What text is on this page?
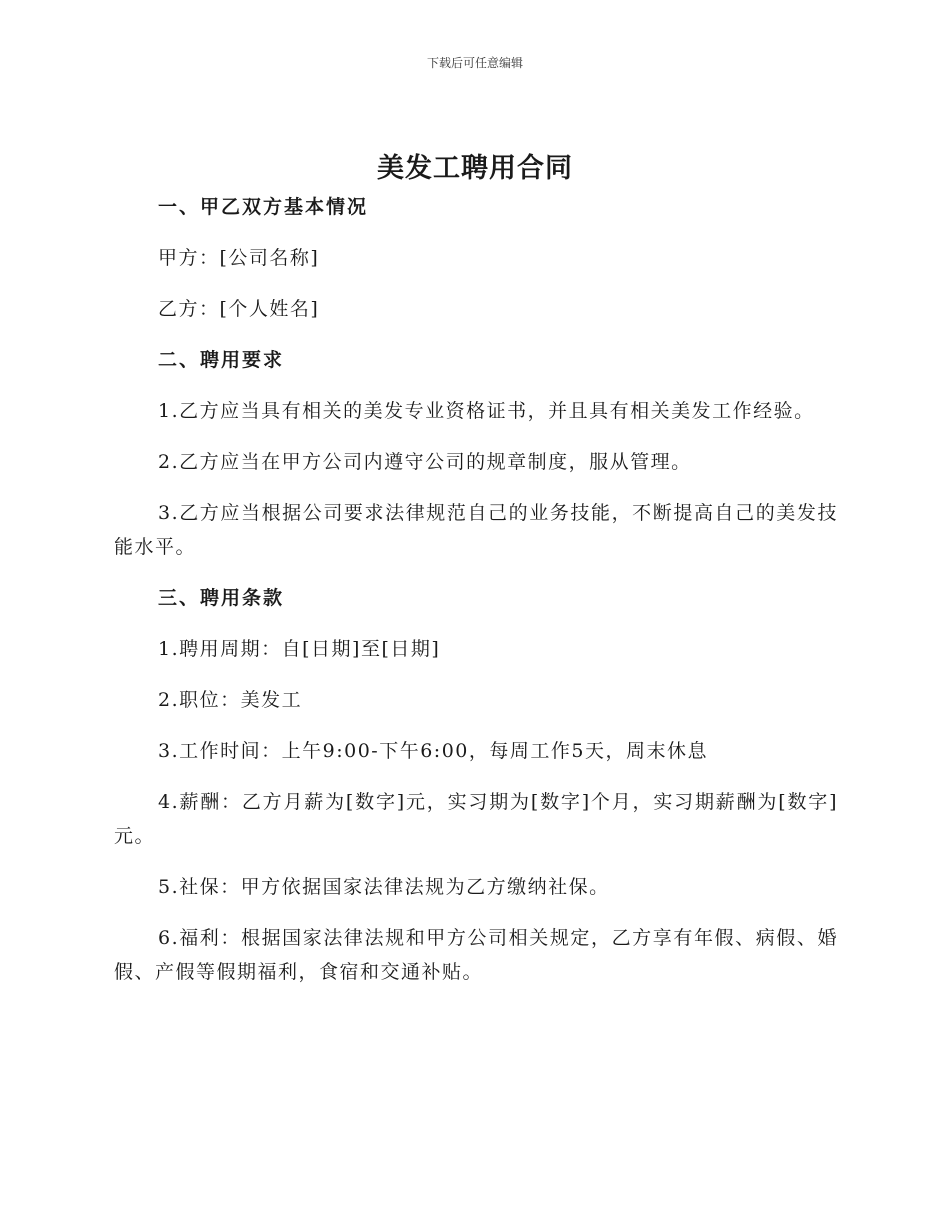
下载后可任意编辑
美发工聘用合同
一、甲乙双方基本情况
甲方：[公司名称]
乙方：[个人姓名]
二、聘用要求
1.乙方应当具有相关的美发专业资格证书，并且具有相关美发工作经验。
2.乙方应当在甲方公司内遵守公司的规章制度，服从管理。
3.乙方应当根据公司要求法律规范自己的业务技能，不断提高自己的美发技能水平。
三、聘用条款
1.聘用周期：自[日期]至[日期]
2.职位：美发工
3.工作时间：上午9:00-下午6:00，每周工作5天，周末休息
4.薪酬：乙方月薪为[数字]元，实习期为[数字]个月，实习期薪酬为[数字]元。
5.社保：甲方依据国家法律法规为乙方缴纳社保。
6.福利：根据国家法律法规和甲方公司相关规定，乙方享有年假、病假、婚假、产假等假期福利，食宿和交通补贴。
